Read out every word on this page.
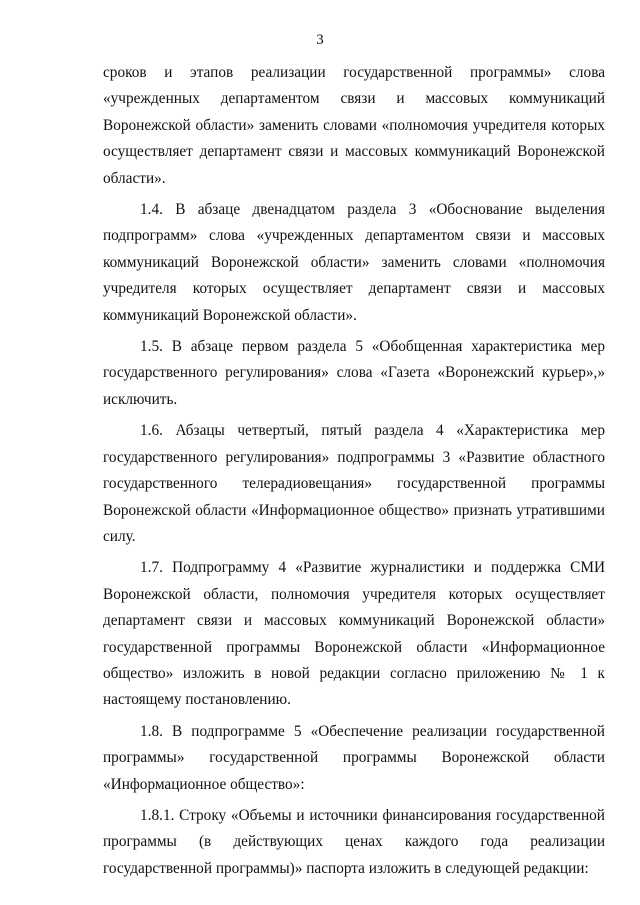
3

сроков и этапов реализации государственной программы» слова «учрежденных департаментом связи и массовых коммуникаций Воронежской области» заменить словами «полномочия учредителя которых осуществляет департамент связи и массовых коммуникаций Воронежской области».

1.4. В абзаце двенадцатом раздела 3 «Обоснование выделения подпрограмм» слова «учрежденных департаментом связи и массовых коммуникаций Воронежской области» заменить словами «полномочия учредителя которых осуществляет департамент связи и массовых коммуникаций Воронежской области».

1.5. В абзаце первом раздела 5 «Обобщенная характеристика мер государственного регулирования» слова «Газета «Воронежский курьер»,» исключить.

1.6. Абзацы четвертый, пятый раздела 4 «Характеристика мер государственного регулирования» подпрограммы 3 «Развитие областного государственного телерадиовещания» государственной программы Воронежской области «Информационное общество» признать утратившими силу.

1.7. Подпрограмму 4 «Развитие журналистики и поддержка СМИ Воронежской области, полномочия учредителя которых осуществляет департамент связи и массовых коммуникаций Воронежской области» государственной программы Воронежской области «Информационное общество» изложить в новой редакции согласно приложению № 1 к настоящему постановлению.

1.8. В подпрограмме 5 «Обеспечение реализации государственной программы» государственной программы Воронежской области «Информационное общество»:

1.8.1. Строку «Объемы и источники финансирования государственной программы (в действующих ценах каждого года реализации государственной программы)» паспорта изложить в следующей редакции:
